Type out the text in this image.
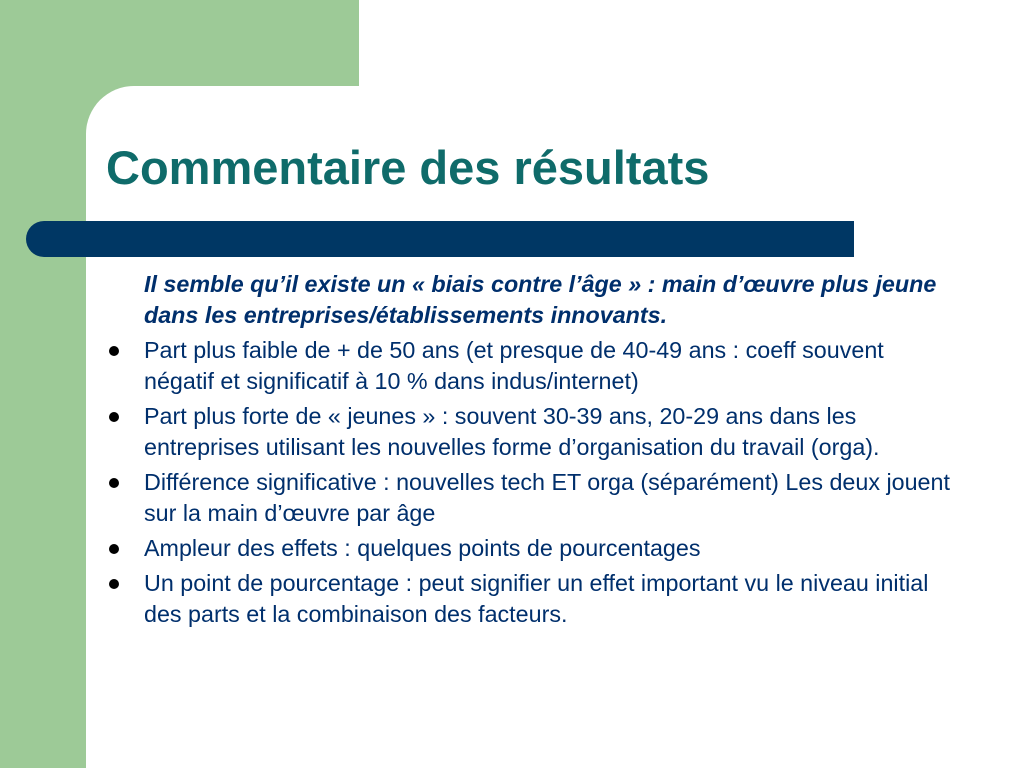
Commentaire des résultats

Il semble qu’il existe un « biais contre l’âge » : main d’œuvre plus jeune dans les entreprises/établissements innovants.

Part plus faible de + de 50 ans (et presque de 40-49 ans : coeff souvent négatif et significatif à 10 % dans indus/internet)
Part plus forte de « jeunes » : souvent 30-39 ans, 20-29 ans dans les entreprises utilisant les nouvelles forme d’organisation du travail (orga).
Différence significative : nouvelles tech ET orga (séparément) Les deux jouent sur la main d’œuvre par âge
Ampleur des effets : quelques points de pourcentages
Un point de pourcentage : peut signifier un effet important vu le niveau initial des parts et la combinaison des facteurs.
